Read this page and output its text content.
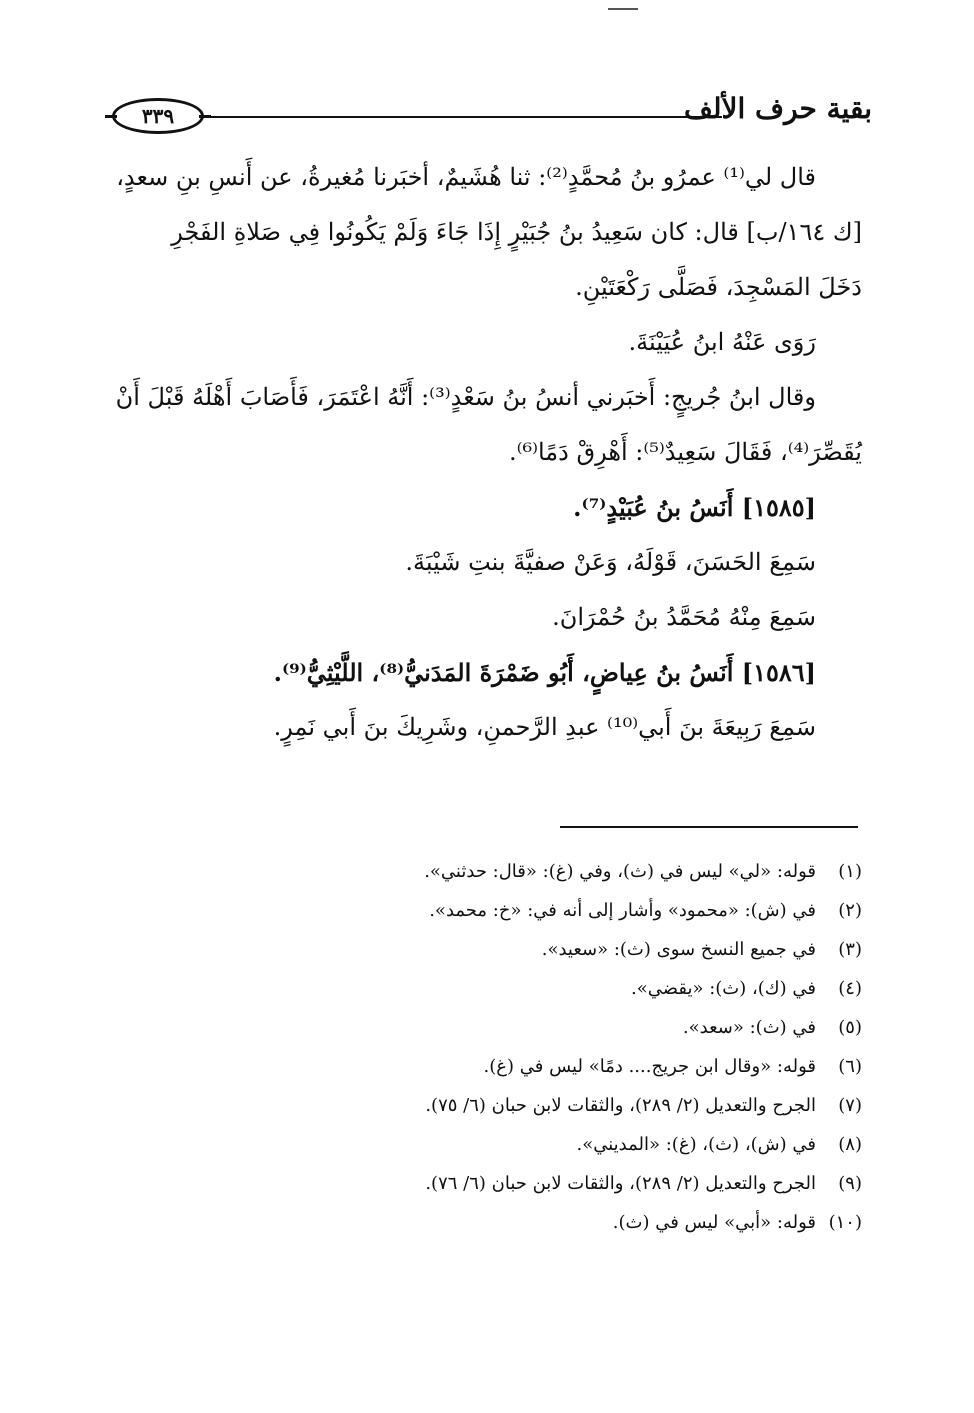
٣٣٩	بقية حرف الألف

قال لي⁽¹⁾ عمرُو بنُ مُحمَّدٍ⁽²⁾: ثنا هُشَيمٌ، أخبَرنا مُغيرةُ، عن أَنسِ بنِ سعدٍ،

[ك ١٦٤/ب] قال: كان سَعِيدُ بنُ جُبَيْرٍ إِذَا جَاءَ وَلَمْ يَكُونُوا فِي صَلاةِ الفَجْرِ

دَخَلَ المَسْجِدَ، فَصَلَّى رَكْعَتَيْنِ.

رَوَى عَنْهُ ابنُ عُيَيْنَةَ.

وقال ابنُ جُريجٍ: أَخبَرني أنسُ بنُ سَعْدٍ⁽³⁾: أَنَّهُ اعْتَمَرَ، فَأَصَابَ أَهْلَهُ قَبْلَ أَنْ

يُقَصِّرَ⁽⁴⁾، فَقَالَ سَعِيدٌ⁽⁵⁾: أَهْرِقْ دَمًا⁽⁶⁾.

[١٥٨٥] أَنَسُ بنُ عُبَيْدٍ⁽⁷⁾.

سَمِعَ الحَسَنَ، قَوْلَهُ، وَعَنْ صفيَّةَ بنتِ شَيْبَةَ.

سَمِعَ مِنْهُ مُحَمَّدُ بنُ حُمْرَانَ.

[١٥٨٦] أَنَسُ بنُ عِياضٍ، أَبُو ضَمْرَةَ المَدَنيُّ⁽⁸⁾، اللَّيْثِيُّ⁽⁹⁾.

سَمِعَ رَبِيعَةَ بنَ أَبي⁽¹⁰⁾ عبدِ الرَّحمنِ، وشَرِيكَ بنَ أَبي نَمِرٍ.

(١)قوله: «لي» ليس في (ث)، وفي (غ): «قال: حدثني».
(٢)في (ش): «محمود» وأشار إلى أنه في: «خ: محمد».
(٣)في جميع النسخ سوى (ث): «سعيد».
(٤)في (ك)، (ث): «يقضي».
(٥)في (ث): «سعد».
(٦)قوله: «وقال ابن جريج.... دمًا» ليس في (غ).
(٧)الجرح والتعديل (٢/ ٢٨٩)، والثقات لابن حبان (٦/ ٧٥).
(٨)في (ش)، (ث)، (غ): «المديني».
(٩)الجرح والتعديل (٢/ ٢٨٩)، والثقات لابن حبان (٦/ ٧٦).
(١٠)قوله: «أبي» ليس في (ث).
